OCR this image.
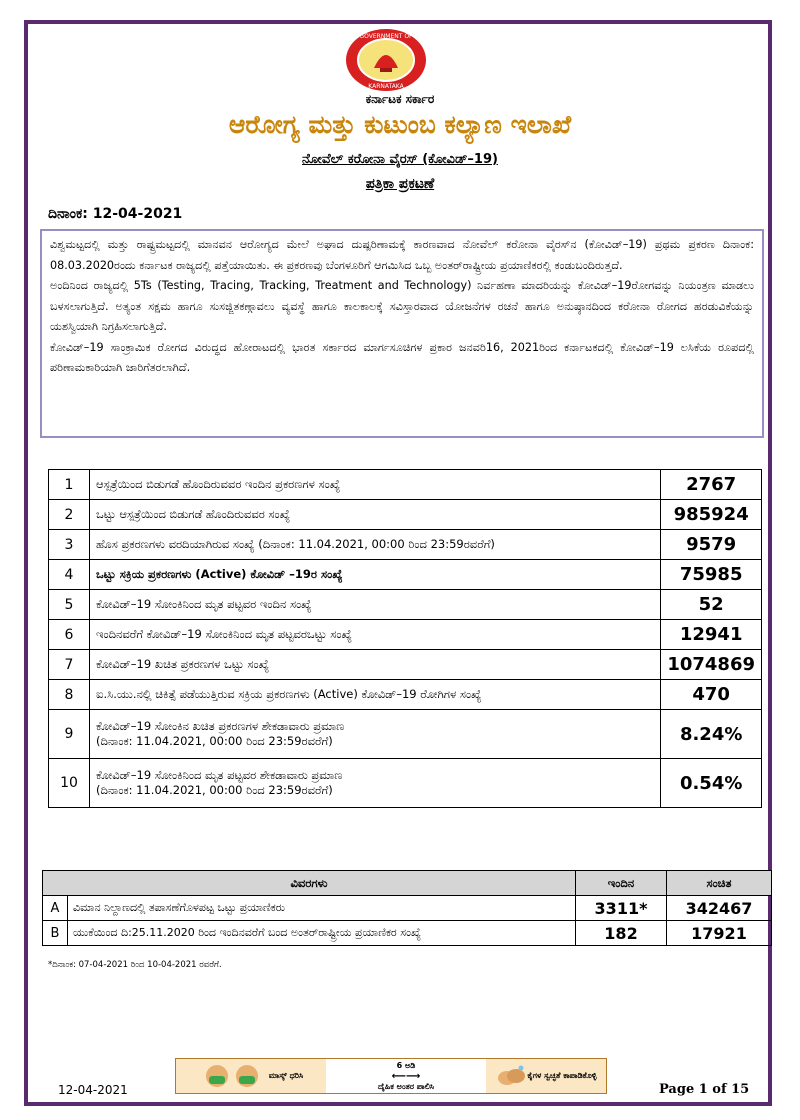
GOVERNMENT OF
KARNATAKA
ಕರ್ನಾಟಕ ಸರ್ಕಾರ
ಆರೋಗ್ಯ ಮತ್ತು ಕುಟುಂಬ ಕಲ್ಯಾಣ ಇಲಾಖೆ
ನೋವೆಲ್ ಕರೋನಾ ವೈರಸ್ (ಕೋವಿಡ್–19)
ಪತ್ರಿಕಾ ಪ್ರಕಟಣೆ
ದಿನಾಂಕ: 12-04-2021

ವಿಶ್ವಮಟ್ಟದಲ್ಲಿ ಮತ್ತು ರಾಷ್ಟ್ರಮಟ್ಟದಲ್ಲಿ ಮಾನವನ ಆರೋಗ್ಯದ ಮೇಲೆ ಅಘಾದ ದುಷ್ಪರಿಣಾಮಕ್ಕೆ ಕಾರಣವಾದ ನೋವೆಲ್ ಕರೋನಾ ವೈರಸ್‌ನ (ಕೋವಿಡ್–19) ಪ್ರಥಮ ಪ್ರಕರಣ ದಿನಾಂಕ: 08.03.2020ರಂದು ಕರ್ನಾಟಕ ರಾಜ್ಯದಲ್ಲಿ ಪತ್ತೆಯಾಯಿತು. ಈ ಪ್ರಕರಣವು ಬೆಂಗಳೂರಿಗೆ ಆಗಮಿಸಿದ ಒಬ್ಬ ಅಂತರ್‌ರಾಷ್ಟ್ರೀಯ ಪ್ರಯಾಣಿಕರಲ್ಲಿ ಕಂಡುಬಂದಿರುತ್ತದೆ.

ಅಂದಿನಿಂದ ರಾಜ್ಯದಲ್ಲಿ 5Ts (Testing, Tracing, Tracking, Treatment and Technology) ನಿರ್ವಹಣಾ ಮಾದರಿಯನ್ನು ಕೋವಿಡ್–19ರೋಗವನ್ನು ನಿಯಂತ್ರಣ ಮಾಡಲು ಬಳಸಲಾಗುತ್ತಿದೆ. ಅತ್ಯಂತ ಸಕ್ಷಮ ಹಾಗೂ ಸುಸಜ್ಜಿತಕಣ್ಗಾವಲು ವ್ಯವಸ್ಥೆ ಹಾಗೂ ಕಾಲಕಾಲಕ್ಕೆ ಸವಿಸ್ತಾರವಾದ ಯೋಜನೆಗಳ ರಚನೆ ಹಾಗೂ ಅನುಷ್ಠಾನದಿಂದ ಕರೋನಾ ರೋಗದ ಹರಡುವಿಕೆಯನ್ನು ಯಶಸ್ವಿಯಾಗಿ ನಿಗ್ರಹಿಸಲಾಗುತ್ತಿದೆ.

ಕೋವಿಡ್–19 ಸಾಂಕ್ರಾಮಿಕ ರೋಗದ ವಿರುದ್ಧದ ಹೋರಾಟದಲ್ಲಿ ಭಾರತ ಸರ್ಕಾರದ ಮಾರ್ಗಸೂಚಿಗಳ ಪ್ರಕಾರ ಜನವರಿ16, 2021ರಿಂದ ಕರ್ನಾಟಕದಲ್ಲಿ ಕೋವಿಡ್–19 ಲಸಿಕೆಯ ರೂಪದಲ್ಲಿ ಪರಿಣಾಮಕಾರಿಯಾಗಿ ಜಾರಿಗೆತರಲಾಗಿದೆ.

1	ಆಸ್ಪತ್ರೆಯಿಂದ ಬಿಡುಗಡೆ ಹೊಂದಿರುವವರ ಇಂದಿನ ಪ್ರಕರಣಗಳ ಸಂಖ್ಯೆ	2767
2	ಒಟ್ಟು ಆಸ್ಪತ್ರೆಯಿಂದ ಬಿಡುಗಡೆ ಹೊಂದಿರುವವರ ಸಂಖ್ಯೆ	985924
3	ಹೊಸ ಪ್ರಕರಣಗಳು ವರದಿಯಾಗಿರುವ ಸಂಖ್ಯೆ (ದಿನಾಂಕ: 11.04.2021, 00:00 ರಿಂದ 23:59ರವರೆಗೆ)	9579
4	ಒಟ್ಟು ಸಕ್ರಿಯ ಪ್ರಕರಣಗಳು (Active) ಕೋವಿಡ್ –19ರ ಸಂಖ್ಯೆ	75985
5	ಕೋವಿಡ್–19 ಸೋಂಕಿನಿಂದ ಮೃತ ಪಟ್ಟವರ ಇಂದಿನ ಸಂಖ್ಯೆ	52
6	ಇಂದಿನವರೆಗೆ ಕೋವಿಡ್–19 ಸೋಂಕಿನಿಂದ ಮೃತ ಪಟ್ಟವರಒಟ್ಟು ಸಂಖ್ಯೆ	12941
7	ಕೋವಿಡ್–19 ಖಚಿತ ಪ್ರಕರಣಗಳ ಒಟ್ಟು ಸಂಖ್ಯೆ	1074869
8	ಐ.ಸಿ.ಯು.ನಲ್ಲಿ ಚಿಕಿತ್ಸೆ ಪಡೆಯುತ್ತಿರುವ ಸಕ್ರಿಯ ಪ್ರಕರಣಗಳು (Active) ಕೋವಿಡ್–19 ರೋಗಿಗಳ ಸಂಖ್ಯೆ	470
9	ಕೋವಿಡ್–19 ಸೋಂಕಿನ ಖಚಿತ ಪ್ರಕರಣಗಳ ಶೇಕಡಾವಾರು ಪ್ರಮಾಣ
(ದಿನಾಂಕ: 11.04.2021, 00:00 ರಿಂದ 23:59ರವರೆಗೆ)	8.24%
10	ಕೋವಿಡ್–19 ಸೋಂಕಿನಿಂದ ಮೃತ ಪಟ್ಟವರ ಶೇಕಡಾವಾರು ಪ್ರಮಾಣ
(ದಿನಾಂಕ: 11.04.2021, 00:00 ರಿಂದ 23:59ರವರೆಗೆ)	0.54%
ವಿವರಗಳು		ಇಂದಿನ	ಸಂಚಿತ
A	ವಿಮಾನ ನಿಲ್ದಾಣದಲ್ಲಿ ತಪಾಸಣೆಗೊಳಪಟ್ಟ ಒಟ್ಟು ಪ್ರಯಾಣಿಕರು	3311*	342467
B	ಯುಕೆಯಿಂದ ದಿ:25.11.2020 ರಿಂದ ಇಂದಿನವರೆಗೆ ಬಂದ ಅಂತರ್‌ರಾಷ್ಟ್ರೀಯ ಪ್ರಯಾಣಿಕರ ಸಂಖ್ಯೆ	182	17921
*ದಿನಾಂಕ: 07-04-2021 ರಿಂದ 10-04-2021 ರವರೆಗೆ.
ಮಾಸ್ಕ್ ಧರಿಸಿ
6 ಅಡಿ
⟵⟶
ದೈಹಿಕ ಅಂತರ ಪಾಲಿಸಿ
ಕೈಗಳ ಸ್ವಚ್ಛತೆ ಕಾಪಾಡಿಕೊಳ್ಳಿ
12-04-2021	Page 1 of 15
